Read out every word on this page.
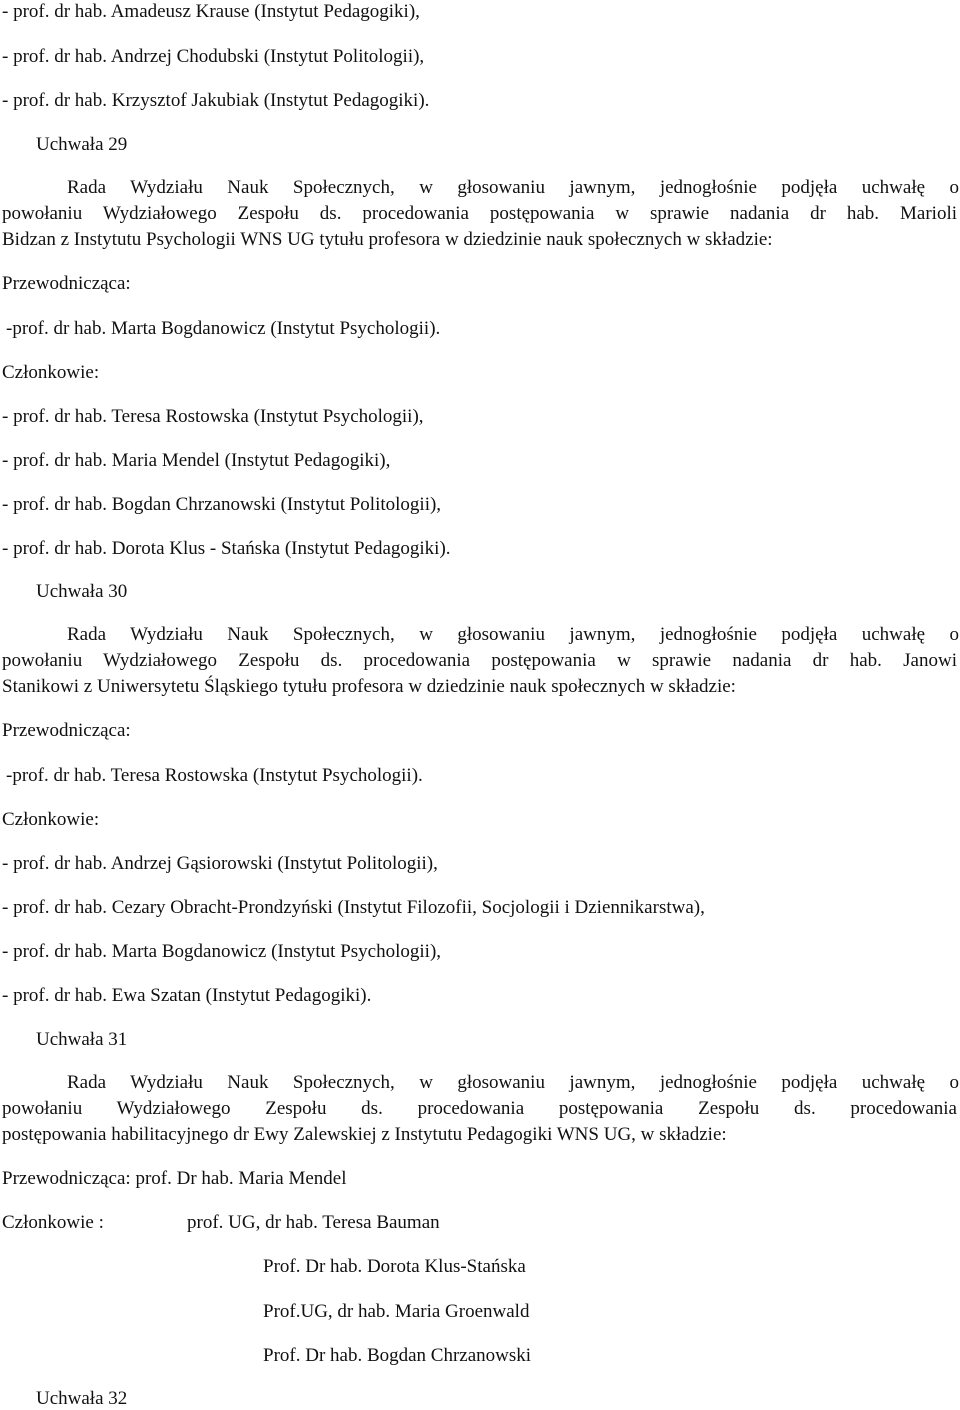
- prof. dr hab. Amadeusz Krause (Instytut Pedagogiki),
- prof. dr hab. Andrzej Chodubski (Instytut Politologii),
- prof. dr hab. Krzysztof Jakubiak (Instytut Pedagogiki).
Uchwała 29
Rada Wydziału Nauk Społecznych, w głosowaniu jawnym, jednogłośnie podjęła uchwałę o
powołaniu Wydziałowego Zespołu ds. procedowania postępowania w sprawie nadania dr hab. Marioli
Bidzan z Instytutu Psychologii WNS UG tytułu profesora w dziedzinie nauk społecznych w składzie:
Przewodnicząca:
-prof. dr hab. Marta Bogdanowicz (Instytut Psychologii).
Członkowie:
- prof. dr hab. Teresa Rostowska (Instytut Psychologii),
- prof. dr hab. Maria Mendel (Instytut Pedagogiki),
- prof. dr hab. Bogdan Chrzanowski (Instytut Politologii),
- prof. dr hab. Dorota Klus - Stańska (Instytut Pedagogiki).
Uchwała 30
Rada Wydziału Nauk Społecznych, w głosowaniu jawnym, jednogłośnie podjęła uchwałę o
powołaniu Wydziałowego Zespołu ds. procedowania postępowania w sprawie nadania dr hab. Janowi
Stanikowi z Uniwersytetu Śląskiego tytułu profesora w dziedzinie nauk społecznych w składzie:
Przewodnicząca:
-prof. dr hab. Teresa Rostowska (Instytut Psychologii).
Członkowie:
- prof. dr hab. Andrzej Gąsiorowski (Instytut Politologii),
- prof. dr hab. Cezary Obracht-Prondzyński (Instytut Filozofii, Socjologii i Dziennikarstwa),
- prof. dr hab. Marta Bogdanowicz (Instytut Psychologii),
- prof. dr hab. Ewa Szatan (Instytut Pedagogiki).
Uchwała 31
Rada Wydziału Nauk Społecznych, w głosowaniu jawnym, jednogłośnie podjęła uchwałę o
powołaniu Wydziałowego Zespołu ds. procedowania postępowania Zespołu ds. procedowania
postępowania habilitacyjnego dr Ewy Zalewskiej z Instytutu Pedagogiki WNS UG, w składzie:
Przewodnicząca: prof. Dr hab. Maria Mendel
Członkowie :	prof. UG, dr hab. Teresa Bauman
Prof. Dr hab. Dorota Klus-Stańska
Prof.UG, dr hab. Maria Groenwald
Prof. Dr hab. Bogdan Chrzanowski
Uchwała 32
